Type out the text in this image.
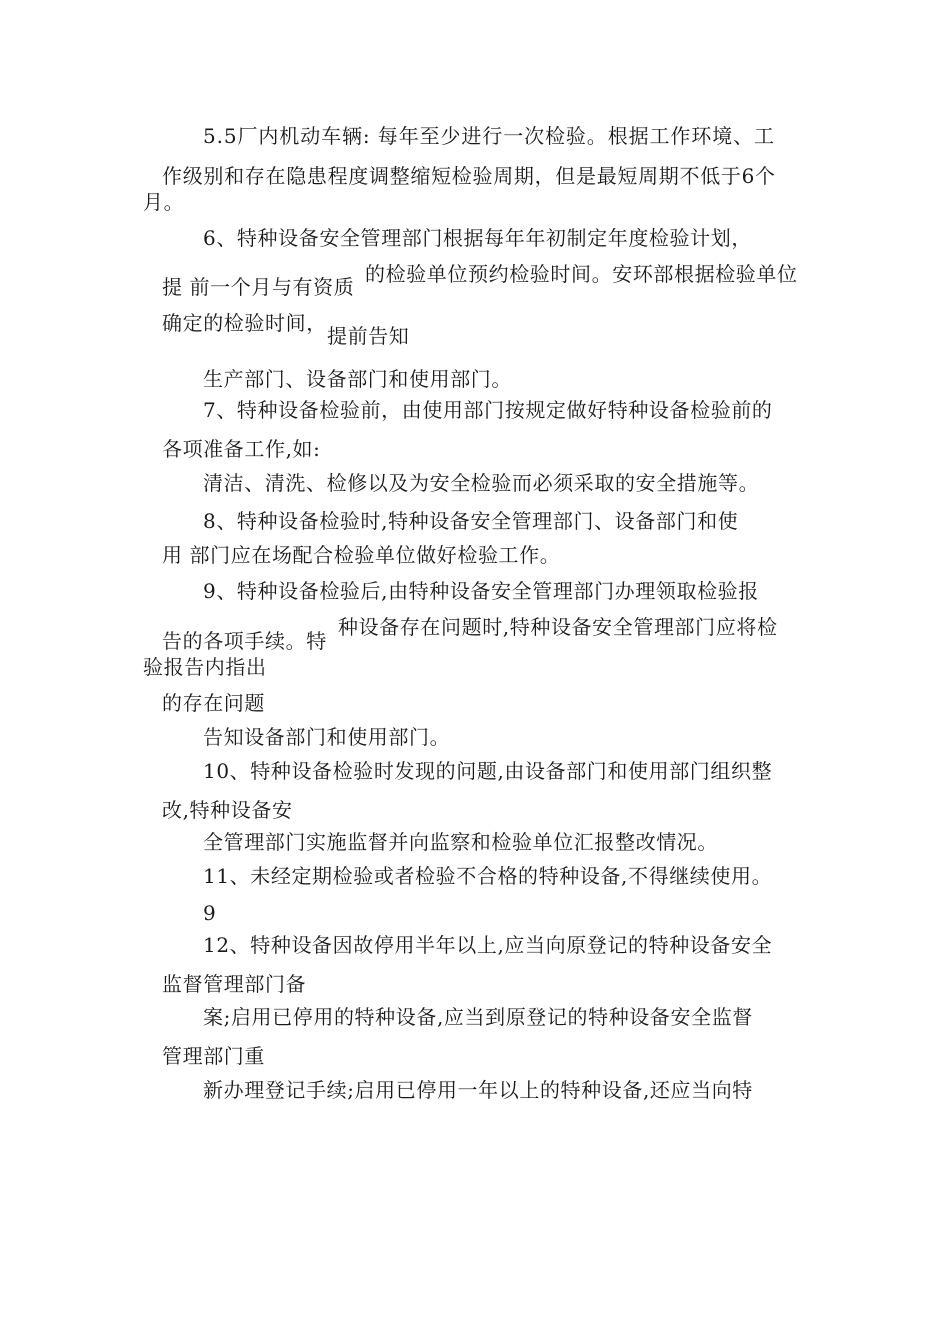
5.5厂内机动车辆: 每年至少进行一次检验。根据工作环境、工
作级别和存在隐患程度调整缩短检验周期，但是最短周期不低于6个
月。
6、特种设备安全管理部门根据每年年初制定年度检验计划，
提 前一个月与有资质
的检验单位预约检验时间。安环部根据检验单位
确定的检验时间，
提前告知
生产部门、设备部门和使用部门。
7、特种设备检验前，由使用部门按规定做好特种设备检验前的
各项准备工作,如:
清洁、清洗、检修以及为安全检验而必须采取的安全措施等。
8、特种设备检验时,特种设备安全管理部门、设备部门和使
用 部门应在场配合检验单位做好检验工作。
9、特种设备检验后,由特种设备安全管理部门办理领取检验报
告的各项手续。特
种设备存在问题时,特种设备安全管理部门应将检
验报告内指出
的存在问题
告知设备部门和使用部门。
10、特种设备检验时发现的问题,由设备部门和使用部门组织整
改,特种设备安
全管理部门实施监督并向监察和检验单位汇报整改情况。
11、未经定期检验或者检验不合格的特种设备,不得继续使用。
9
12、特种设备因故停用半年以上,应当向原登记的特种设备安全
监督管理部门备
案;启用已停用的特种设备,应当到原登记的特种设备安全监督
管理部门重
新办理登记手续;启用已停用一年以上的特种设备,还应当向特
